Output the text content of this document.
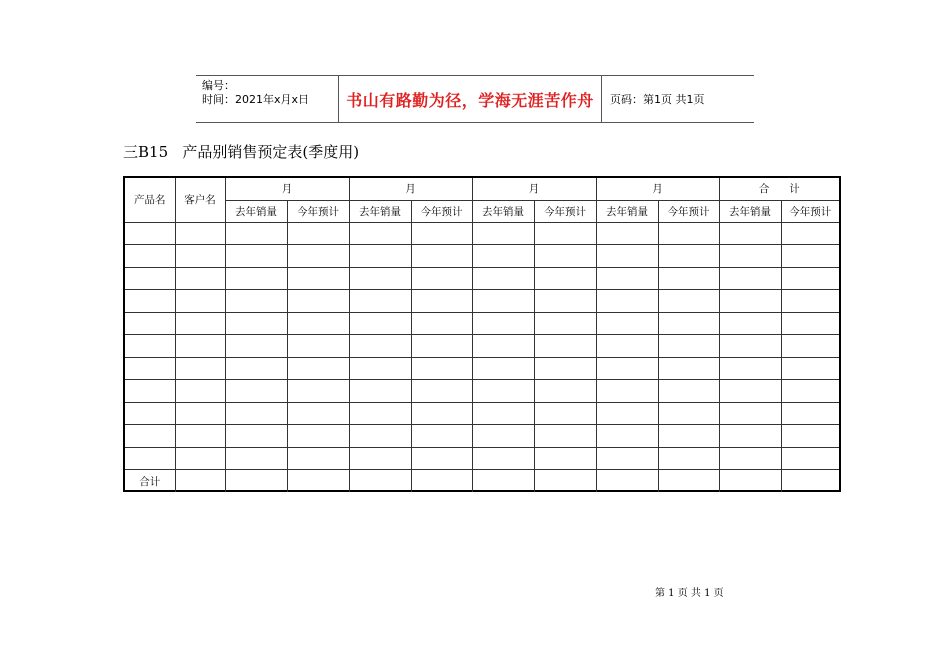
编号：
时间：2021年x月x日	书山有路勤为径，学海无涯苦作舟 页码：第1页 共1页
三B15   产品别销售预定表(季度用)
产品名	客户名	月		月		月		月		合      计	
		去年销量	今年预计	去年销量	今年预计	去年销量	今年预计	去年销量	今年预计	去年销量	今年预计

合计											
第 1 页 共 1 页
